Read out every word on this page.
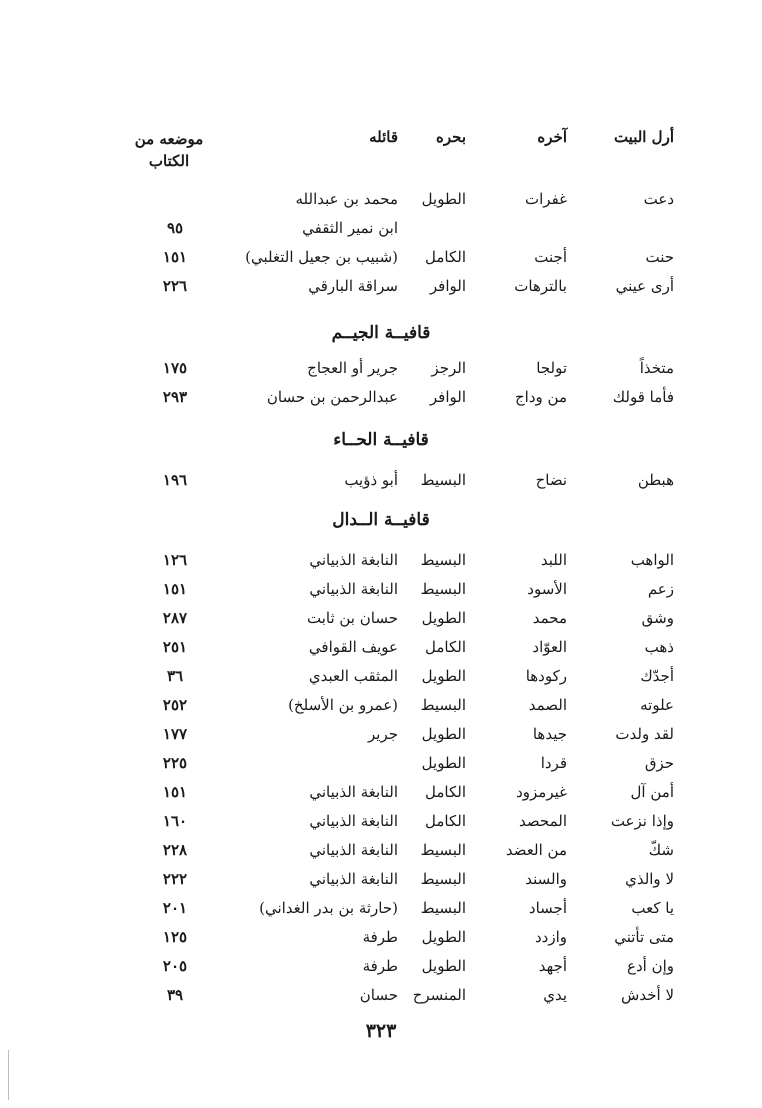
أرل البيت
آخره
بحره
قائله
موضعه من
الكتاب
دعت
غفرات
الطويل
محمد بن عبدالله
ابن نمير الثقفي
٩٥
حنت
أجنت
الكامل
(شبيب بن جعيل التغلبي)
١٥١
أرى عيني
بالترهات
الوافر
سراقة البارقي
٢٢٦
قافيــة الجيــم
متخذاً
تولجا
الرجز
جرير أو العجاج
١٧٥
فأما قولك
من وداج
الوافر
عبدالرحمن بن حسان
٢٩٣
قافيــة الحــاء
هبطن
نضاح
البسيط
أبو ذؤيب
١٩٦
قافيــة الــدال
الواهب
اللبد
البسيط
النابغة الذبياني
١٢٦
زعم
الأسود
البسيط
النابغة الذبياني
١٥١
وشق
محمد
الطويل
حسان بن ثابت
٢٨٧
ذهب
العوّاد
الكامل
عويف القوافي
٢٥١
أجدّك
ركودها
الطويل
المثقب العبدي
٣٦
علوته
الصمد
البسيط
(عمرو بن الأسلخ)
٢٥٢
لقد ولدت
جيدها
الطويل
جرير
١٧٧
حزق
قردا
الطويل
٢٢٥
أمن آل
غيرمزود
الكامل
النابغة الذبياني
١٥١
وإذا نزعت
المحصد
الكامل
النابغة الذبياني
١٦٠
شكّ
من العضد
البسيط
النابغة الذبياني
٢٢٨
لا والذي
والسند
البسيط
النابغة الذبياني
٢٢٢
يا كعب
أجساد
البسيط
(حارثة بن بدر الغداني)
٢٠١
متى تأتني
وازدد
الطويل
طرفة
١٢٥
وإن أدع
أجهد
الطويل
طرفة
٢٠٥
لا أخدش
يدي
المنسرح
حسان
٣٩
٣٢٣
